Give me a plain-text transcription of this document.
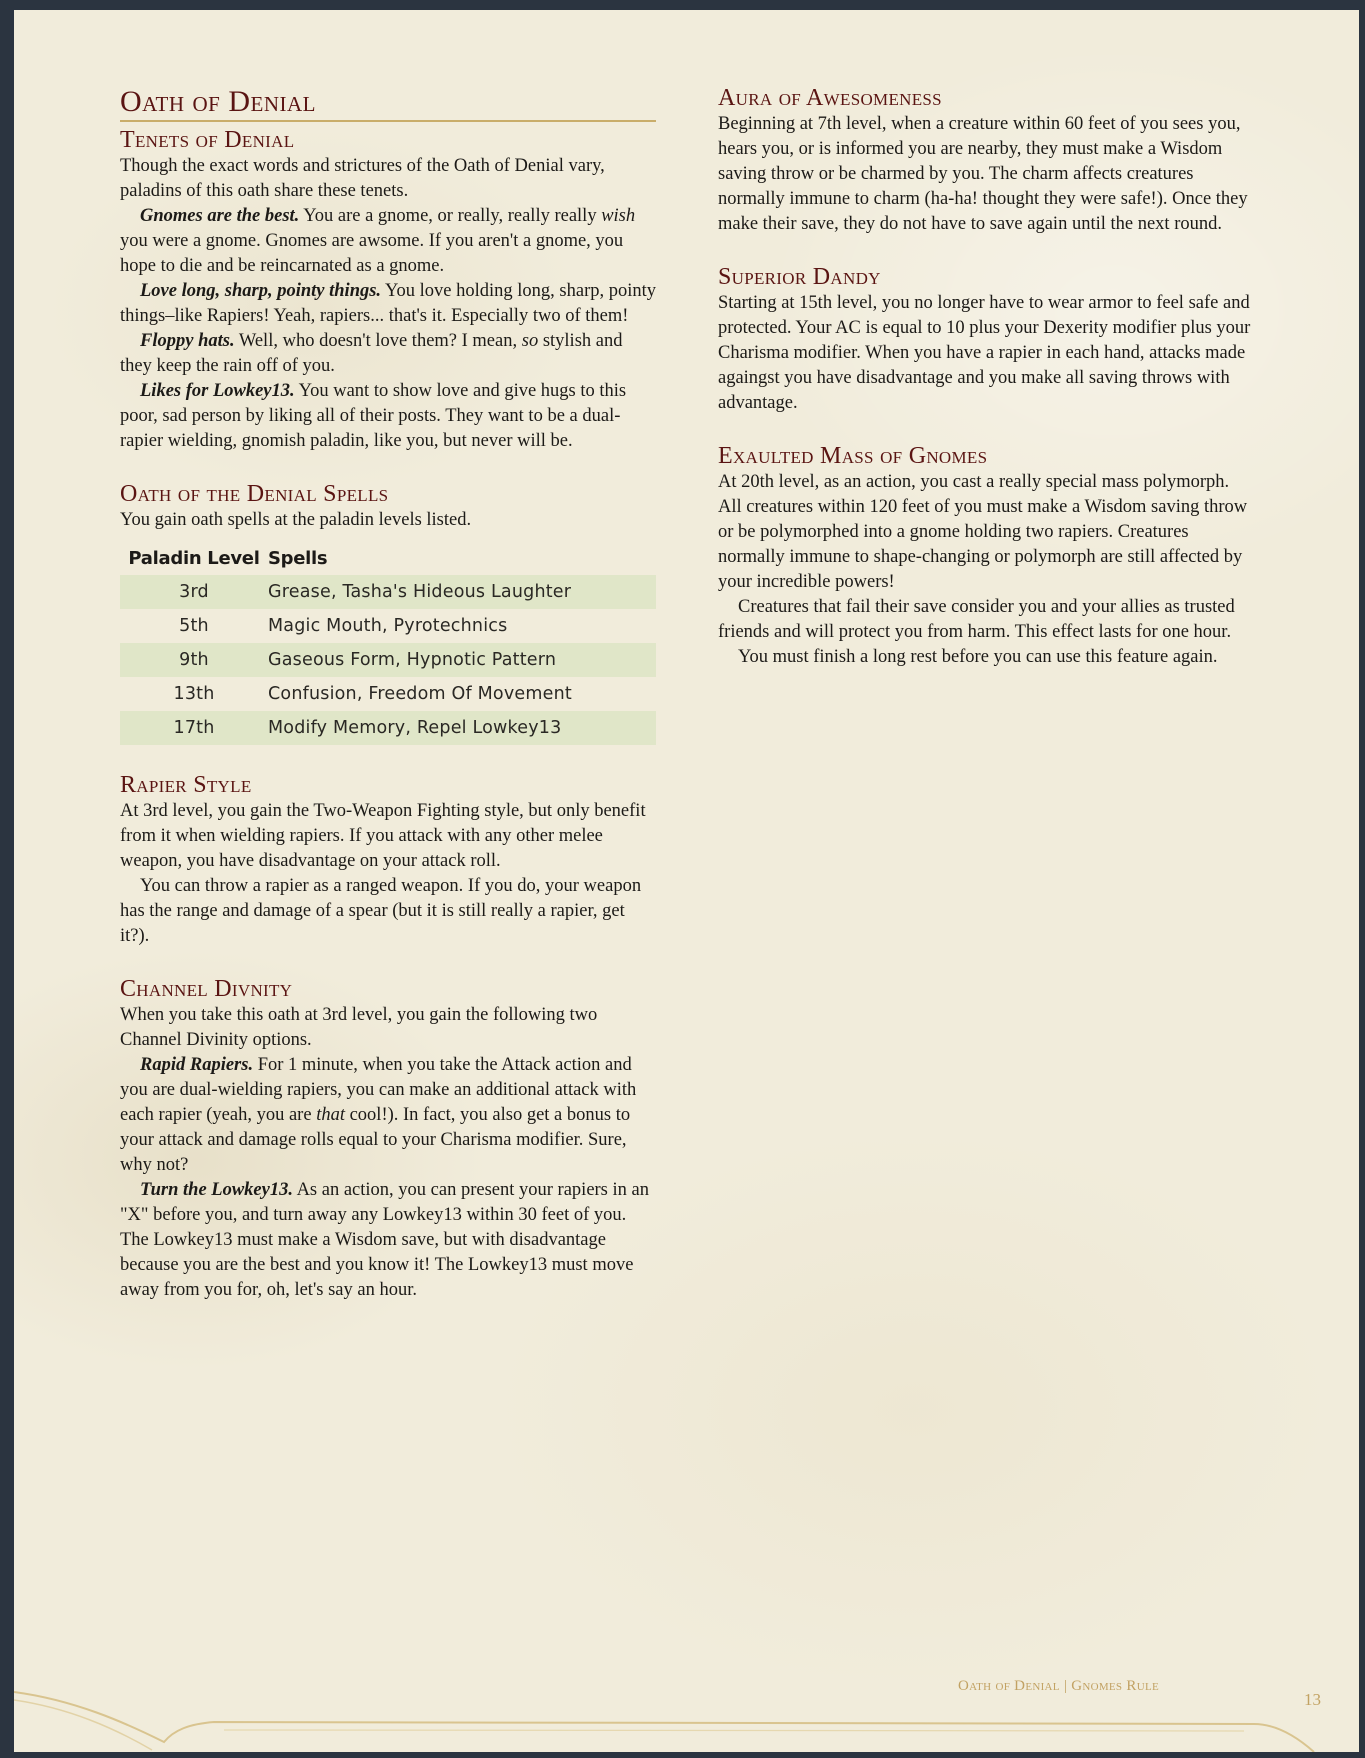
Oath of Denial
Tenets of Denial

Though the exact words and strictures of the Oath of Denial vary, paladins of this oath share these tenets.

Gnomes are the best. You are a gnome, or really, really really wish you were a gnome. Gnomes are awsome. If you aren't a gnome, you hope to die and be reincarnated as a gnome.

Love long, sharp, pointy things. You love holding long, sharp, pointy things–like Rapiers! Yeah, rapiers... that's it. Especially two of them!

Floppy hats. Well, who doesn't love them? I mean, so stylish and they keep the rain off of you.

Likes for Lowkey13. You want to show love and give hugs to this poor, sad person by liking all of their posts. They want to be a dual-rapier wielding, gnomish paladin, like you, but never will be.

Oath of the Denial Spells

You gain oath spells at the paladin levels listed.

Paladin Level	Spells
3rd	Grease, Tasha's Hideous Laughter
5th	Magic Mouth, Pyrotechnics
9th	Gaseous Form, Hypnotic Pattern
13th	Confusion, Freedom Of Movement
17th	Modify Memory, Repel Lowkey13
Rapier Style

At 3rd level, you gain the Two-Weapon Fighting style, but only benefit from it when wielding rapiers. If you attack with any other melee weapon, you have disadvantage on your attack roll.

You can throw a rapier as a ranged weapon. If you do, your weapon has the range and damage of a spear (but it is still really a rapier, get it?).

Channel Divnity

When you take this oath at 3rd level, you gain the following two Channel Divinity options.

Rapid Rapiers. For 1 minute, when you take the Attack action and you are dual-wielding rapiers, you can make an additional attack with each rapier (yeah, you are that cool!). In fact, you also get a bonus to your attack and damage rolls equal to your Charisma modifier. Sure, why not?

Turn the Lowkey13. As an action, you can present your rapiers in an "X" before you, and turn away any Lowkey13 within 30 feet of you. The Lowkey13 must make a Wisdom save, but with disadvantage because you are the best and you know it! The Lowkey13 must move away from you for, oh, let's say an hour.

Aura of Awesomeness

Beginning at 7th level, when a creature within 60 feet of you sees you, hears you, or is informed you are nearby, they must make a Wisdom saving throw or be charmed by you. The charm affects creatures normally immune to charm (ha-ha! thought they were safe!). Once they make their save, they do not have to save again until the next round.

Superior Dandy

Starting at 15th level, you no longer have to wear armor to feel safe and protected. Your AC is equal to 10 plus your Dexerity modifier plus your Charisma modifier. When you have a rapier in each hand, attacks made againgst you have disadvantage and you make all saving throws with advantage.

Exaulted Mass of Gnomes

At 20th level, as an action, you cast a really special mass polymorph. All creatures within 120 feet of you must make a Wisdom saving throw or be polymorphed into a gnome holding two rapiers. Creatures normally immune to shape-changing or polymorph are still affected by your incredible powers!

Creatures that fail their save consider you and your allies as trusted friends and will protect you from harm. This effect lasts for one hour.

You must finish a long rest before you can use this feature again.

Oath of Denial | Gnomes Rule
13
